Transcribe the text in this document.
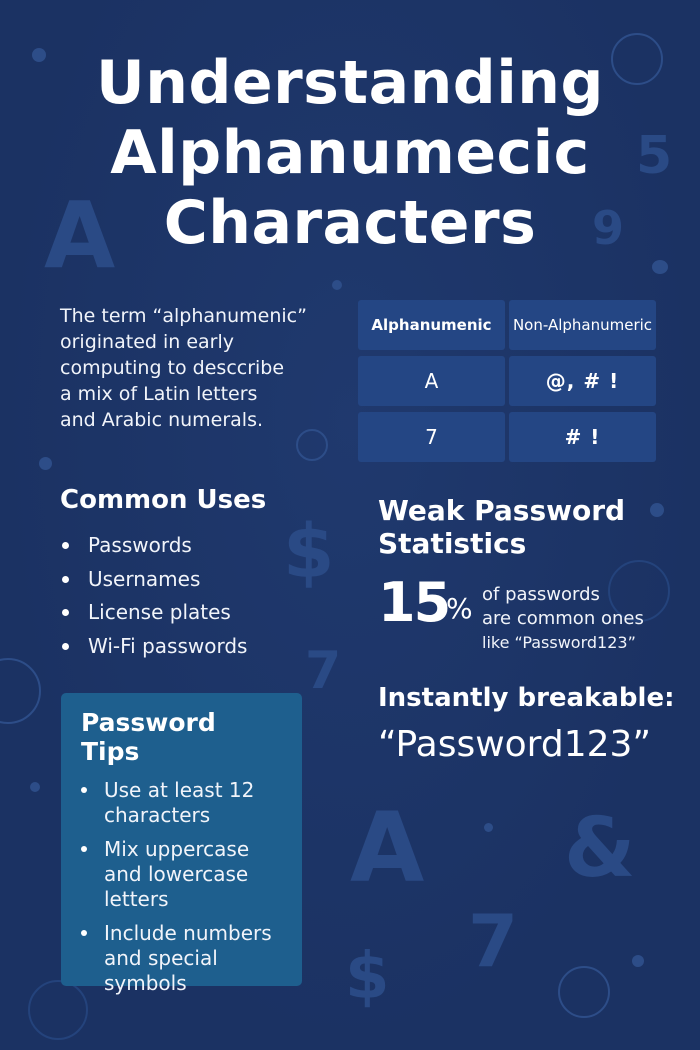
A
5
9
$
7
A &
7
$
Understanding
Alphanumecic
Characters
The term “alphanumenic”
originated in early
computing to desccribe
a mix of Latin letters
and Arabic numerals.
Alphanumenic	Non-Alphanumeric
A	@, # !
7	# !
Common Uses
Passwords
Usernames
License plates
Wi-Fi passwords
Password Tips
Use at least 12
characters
Mix uppercase
and lowercase
letters
Include numbers
and special
symbols
Weak Password
Statistics
15
% of passwords
are common ones
like “Password123”
Instantly breakable:
“Password123”
